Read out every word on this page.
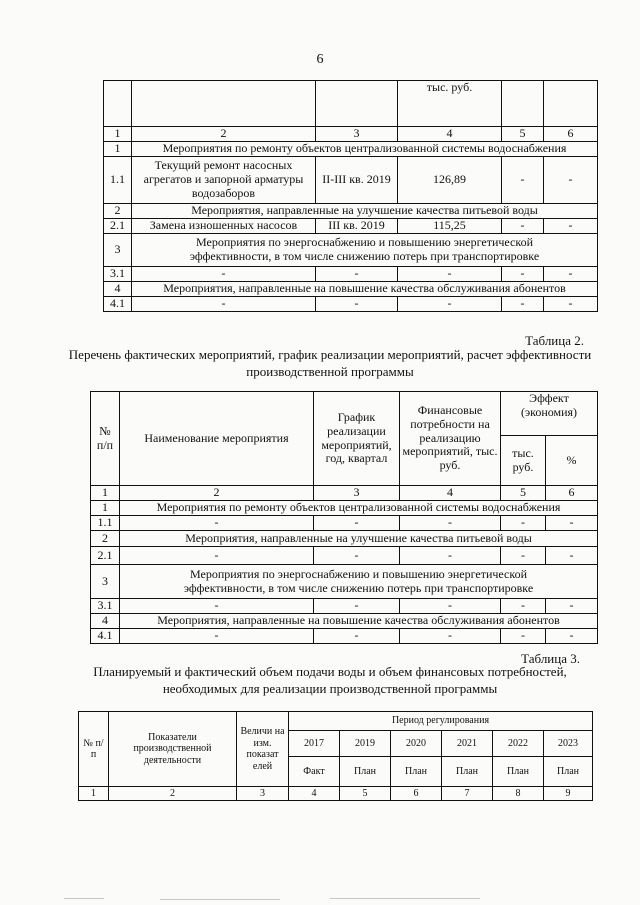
6
			тыс. руб.		
1	2	3	4	5	6
1	Мероприятия по ремонту объектов централизованной системы водоснабжения				
1.1	Текущий ремонт насосных агрегатов и запорной арматуры водозаборов	II-III кв. 2019	126,89	-	-
2	Мероприятия, направленные на улучшение качества питьевой воды				
2.1	Замена изношенных насосов	III кв. 2019	115,25	-	-
3	Мероприятия по энергоснабжению и повышению энергетической эффективности, в том числе снижению потерь при транспортировке				
3.1	-	-	-	-	-
4	Мероприятия, направленные на повышение качества обслуживания абонентов				
4.1	-	-	-	-	-
Таблица 2.
Перечень фактических мероприятий, график реализации мероприятий, расчет эффективности производственной программы
№ п/п	Наименование мероприятия	График реализации мероприятий, год, квартал	Финансовые потребности на реализацию мероприятий, тыс. руб.	Эффект (экономия)	
				тыс. руб.	%
1	2	3	4	5	6
1	Мероприятия по ремонту объектов централизованной системы водоснабжения				
1.1	-	-	-	-	-
2	Мероприятия, направленные на улучшение качества питьевой воды				
2.1	-	-	-	-	-
3	Мероприятия по энергоснабжению и повышению энергетической эффективности, в том числе снижению потерь при транспортировке				
3.1	-	-	-	-	-
4	Мероприятия, направленные на повышение качества обслуживания абонентов				
4.1	-	-	-	-	-
Таблица 3.
Планируемый и фактический объем подачи воды и объем финансовых потребностей, необходимых для реализации производственной программы
№ п/п	Показатели производственной деятельности	Величи на изм. показат елей	Период регулирования					
			2017	2019	2020	2021	2022	2023
			Факт	План	План	План	План	План
1	2	3	4	5	6	7	8	9
